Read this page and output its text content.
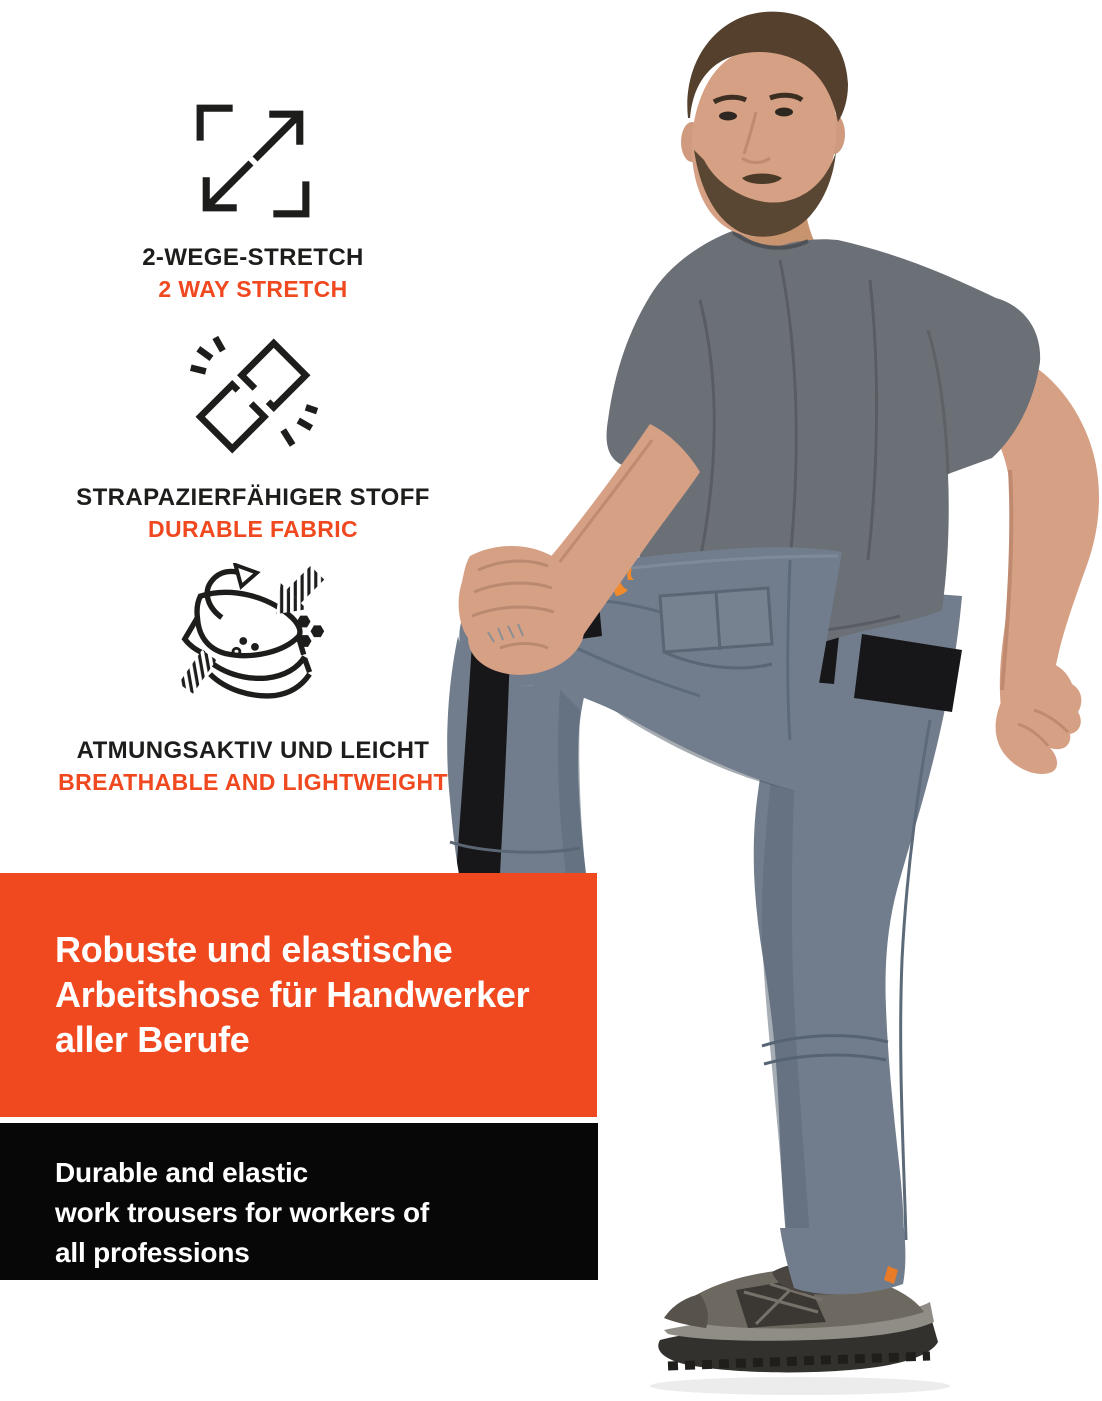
2-WEGE-STRETCH
2 WAY STRETCH
STRAPAZIERFÄHIGER STOFF
DURABLE FABRIC
ATMUNGSAKTIV UND LEICHT
BREATHABLE AND LIGHTWEIGHT
Robuste und elastische
Arbeitshose für Handwerker
aller Berufe
Durable and elastic
work trousers for workers of
all professions
